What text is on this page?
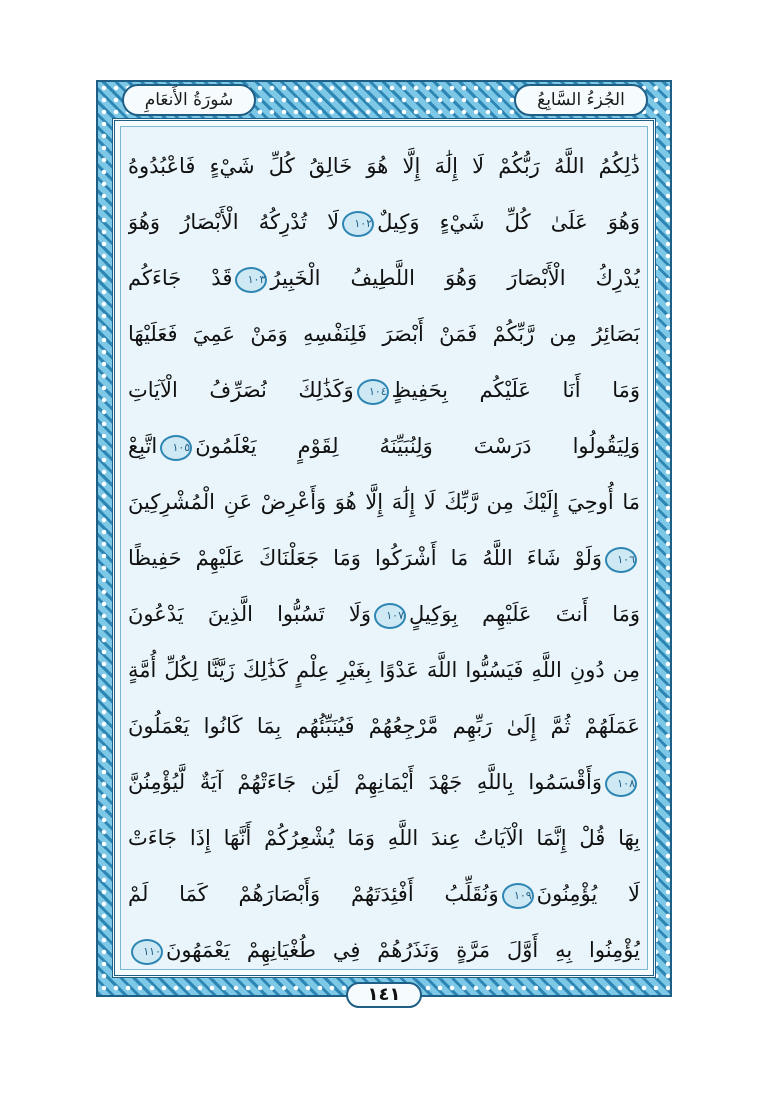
سُورَةُ الأَنعَامِ	الجُزءُ السَّابِعُ
ذَٰلِكُمُ اللَّهُ رَبُّكُمْ لَا إِلَٰهَ إِلَّا هُوَ خَالِقُ كُلِّ شَيْءٍ فَاعْبُدُوهُ
وَهُوَ عَلَىٰ كُلِّ شَيْءٍ وَكِيلٌ١٠٢لَا تُدْرِكُهُ الْأَبْصَارُ وَهُوَ
يُدْرِكُ الْأَبْصَارَ وَهُوَ اللَّطِيفُ الْخَبِيرُ١٠٣قَدْ جَاءَكُم
بَصَائِرُ مِن رَّبِّكُمْ فَمَنْ أَبْصَرَ فَلِنَفْسِهِ وَمَنْ عَمِيَ فَعَلَيْهَا
وَمَا أَنَا عَلَيْكُم بِحَفِيظٍ١٠٤وَكَذَٰلِكَ نُصَرِّفُ الْآيَاتِ
وَلِيَقُولُوا دَرَسْتَ وَلِنُبَيِّنَهُ لِقَوْمٍ يَعْلَمُونَ١٠٥اتَّبِعْ
مَا أُوحِيَ إِلَيْكَ مِن رَّبِّكَ لَا إِلَٰهَ إِلَّا هُوَ وَأَعْرِضْ عَنِ الْمُشْرِكِينَ
١٠٦وَلَوْ شَاءَ اللَّهُ مَا أَشْرَكُوا وَمَا جَعَلْنَاكَ عَلَيْهِمْ حَفِيظًا
وَمَا أَنتَ عَلَيْهِم بِوَكِيلٍ١٠٧وَلَا تَسُبُّوا الَّذِينَ يَدْعُونَ
مِن دُونِ اللَّهِ فَيَسُبُّوا اللَّهَ عَدْوًا بِغَيْرِ عِلْمٍ كَذَٰلِكَ زَيَّنَّا لِكُلِّ أُمَّةٍ
عَمَلَهُمْ ثُمَّ إِلَىٰ رَبِّهِم مَّرْجِعُهُمْ فَيُنَبِّئُهُم بِمَا كَانُوا يَعْمَلُونَ
١٠٨وَأَقْسَمُوا بِاللَّهِ جَهْدَ أَيْمَانِهِمْ لَئِن جَاءَتْهُمْ آيَةٌ لَّيُؤْمِنُنَّ
بِهَا قُلْ إِنَّمَا الْآيَاتُ عِندَ اللَّهِ وَمَا يُشْعِرُكُمْ أَنَّهَا إِذَا جَاءَتْ
لَا يُؤْمِنُونَ١٠٩وَنُقَلِّبُ أَفْئِدَتَهُمْ وَأَبْصَارَهُمْ كَمَا لَمْ
يُؤْمِنُوا بِهِ أَوَّلَ مَرَّةٍ وَنَذَرُهُمْ فِي طُغْيَانِهِمْ يَعْمَهُونَ١١٠
١٤١
